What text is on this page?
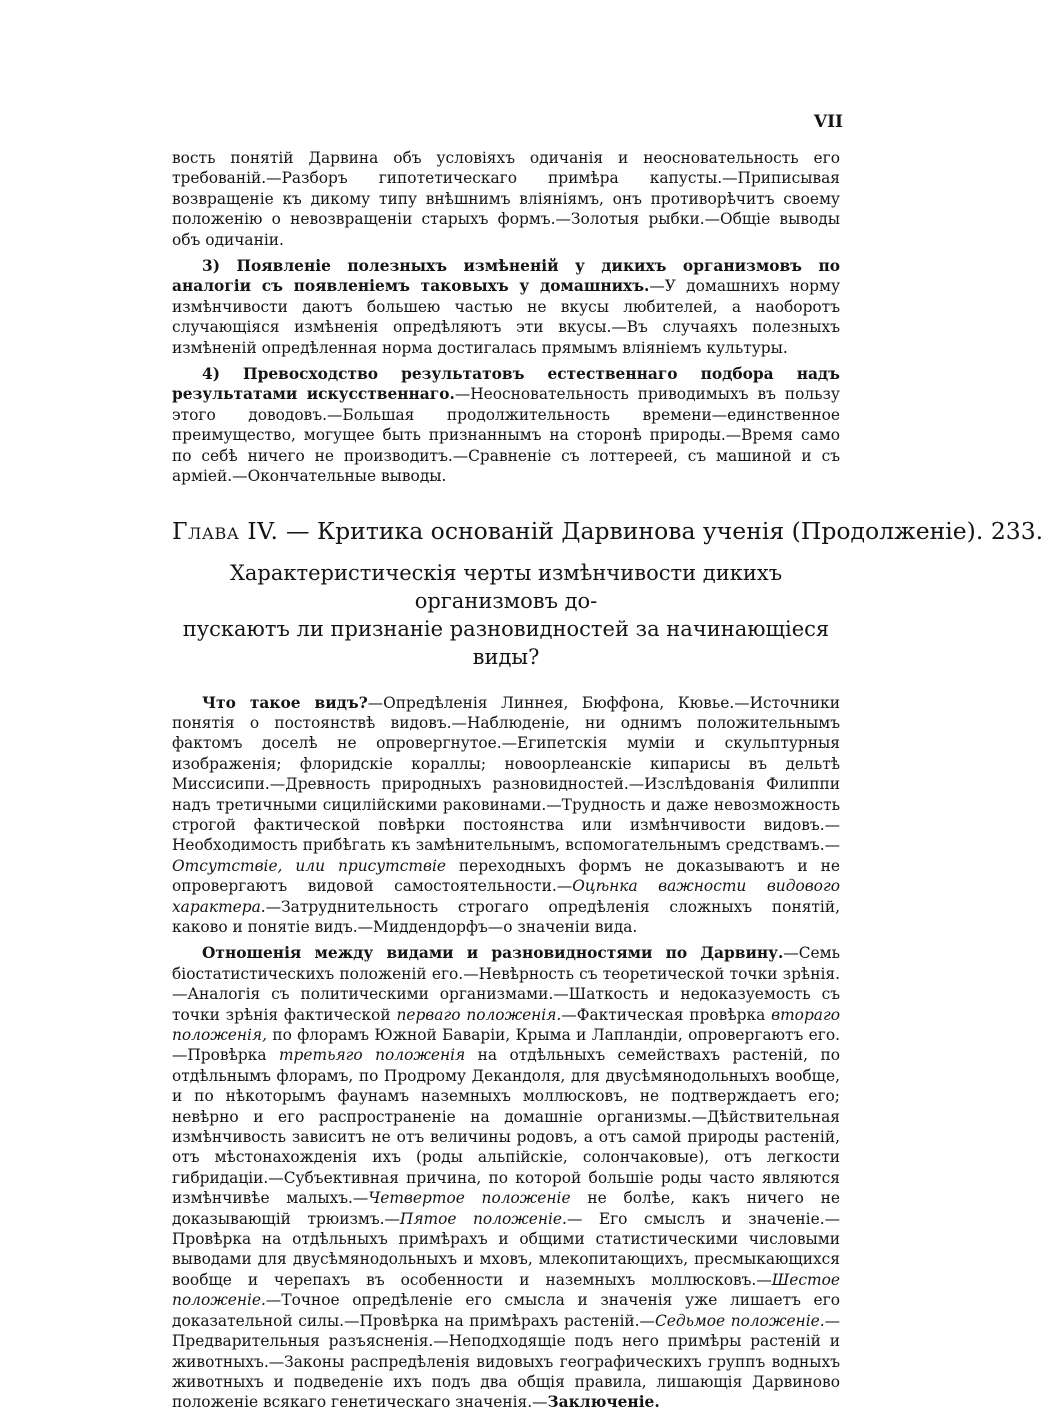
VII

вость понятій Дарвина объ условіяхъ одичанія и неосновательность его требованій.—Разборъ гипотетическаго примѣра капусты.—Приписывая возвращеніе къ дикому типу внѣшнимъ вліяніямъ, онъ противорѣчитъ своему положенію о невозвращеніи старыхъ формъ.—Золотыя рыбки.—Общіе выводы объ одичаніи.

3) Появленіе полезныхъ измѣненій у дикихъ организмовъ по аналогіи съ появленіемъ таковыхъ у домашнихъ.—У домашнихъ норму измѣнчивости даютъ большею частью не вкусы любителей, а наоборотъ случающіяся измѣненія опредѣляютъ эти вкусы.—Въ случаяхъ полезныхъ измѣненій опредѣленная норма достигалась прямымъ вліяніемъ культуры.

4) Превосходство результатовъ естественнаго подбора надъ результатами искусственнаго.—Неосновательность приводимыхъ въ пользу этого доводовъ.—Большая продолжительность времени—единственное преимущество, могущее быть признаннымъ на сторонѣ природы.—Время само по себѣ ничего не производитъ.—Сравненіе съ лоттереей, съ машиной и съ арміей.—Окончательные выводы.

Глава IV. — Критика основаній Дарвинова ученія (Продолженіе). 233.
Характеристическія черты измѣнчивости дикихъ организмовъ до-
пускаютъ ли признаніе разновидностей за начинающіеся виды?

Что такое видъ?—Опредѣленія Линнея, Бюффона, Кювье.—Источники понятія о постоянствѣ видовъ.—Наблюденіе, ни однимъ положительнымъ фактомъ доселѣ не опровергнутое.—Египетскія муміи и скульптурныя изображенія; флоридскіе кораллы; новоорлеанскіе кипарисы въ дельтѣ Миссисипи.—Древность природныхъ разновидностей.—Изслѣдованія Филиппи надъ третичными сицилійскими раковинами.—Трудность и даже невозможность строгой фактической повѣрки постоянства или измѣнчивости видовъ.—Необходимость прибѣгать къ замѣнительнымъ, вспомогательнымъ средствамъ.—Отсутствіе, или присутствіе переходныхъ формъ не доказываютъ и не опровергаютъ видовой самостоятельности.—Оцѣнка важности видового характера.—Затруднительность строгаго опредѣленія сложныхъ понятій, каково и понятіе видъ.—Миддендорфъ—о значеніи вида.

Отношенія между видами и разновидностями по Дарвину.—Семь біостатистическихъ положеній его.—Невѣрность съ теоретической точки зрѣнія.—Аналогія съ политическими организмами.—Шаткость и недоказуемость съ точки зрѣнія фактической перваго положенія.—Фактическая провѣрка втораго положенія, по флорамъ Южной Баваріи, Крыма и Лапландіи, опровергаютъ его.—Провѣрка третьяго положенія на отдѣльныхъ семействахъ растеній, по отдѣльнымъ флорамъ, по Продрому Декандоля, для двусѣмянодольныхъ вообще, и по нѣкоторымъ фаунамъ наземныхъ моллюсковъ, не подтверждаетъ его; невѣрно и его распространеніе на домашніе организмы.—Дѣйствительная измѣнчивость зависитъ не отъ величины родовъ, а отъ самой природы растеній, отъ мѣстонахожденія ихъ (роды альпійскіе, солончаковые), отъ легкости гибридаціи.—Субъективная причина, по которой большіе роды часто являются измѣнчивѣе малыхъ.—Четвертое положеніе не болѣе, какъ ничего не доказывающій трюизмъ.—Пятое положеніе.— Его смыслъ и значеніе.—Провѣрка на отдѣльныхъ примѣрахъ и общими статистическими числовыми выводами для двусѣмянодольныхъ и мховъ, млекопитающихъ, пресмыкающихся вообще и черепахъ въ особенности и наземныхъ моллюсковъ.—Шестое положеніе.—Точное опредѣленіе его смысла и значенія уже лишаетъ его доказательной силы.—Провѣрка на примѣрахъ растеній.—Седьмое положеніе.—Предварительныя разъясненія.—Неподходящіе подъ него примѣры растеній и животныхъ.—Законы распредѣленія видовыхъ географическихъ группъ водныхъ животныхъ и подведеніе ихъ подъ два общія правила, лишающія Дарвиново положеніе всякаго генетическаго значенія.—Заключеніе.
